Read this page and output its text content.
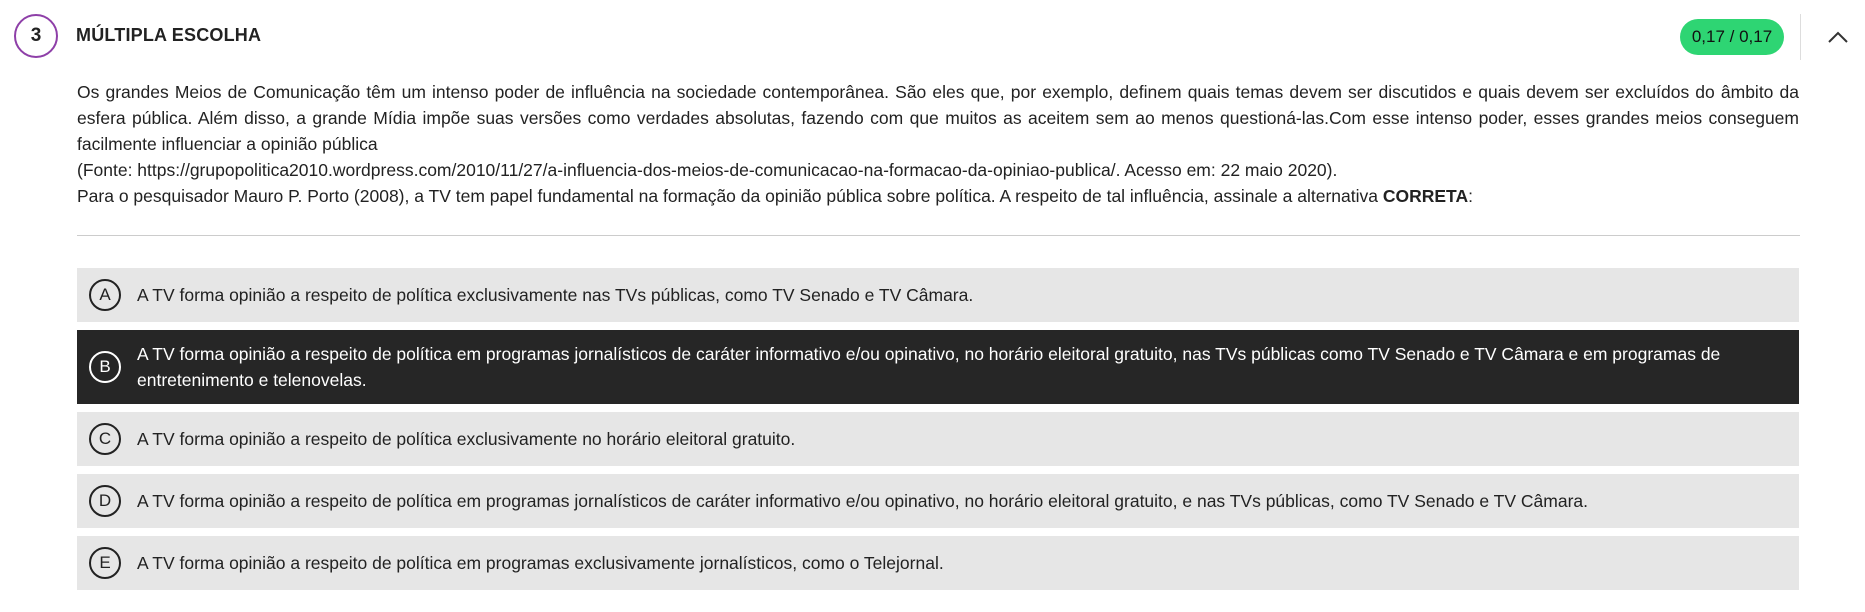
3 MÚLTIPLA ESCOLHA	0,17 / 0,17

Os grandes Meios de Comunicação têm um intenso poder de influência na sociedade contemporânea. São eles que, por exemplo, definem quais temas devem ser discutidos e quais devem ser excluídos do âmbito da esfera pública. Além disso, a grande Mídia impõe suas versões como verdades absolutas, fazendo com que muitos as aceitem sem ao menos questioná-las.Com esse intenso poder, esses grandes meios conseguem facilmente influenciar a opinião pública

(Fonte: https://grupopolitica2010.wordpress.com/2010/11/27/a-influencia-dos-meios-de-comunicacao-na-formacao-da-opiniao-publica/. Acesso em: 22 maio 2020).

Para o pesquisador Mauro P. Porto (2008), a TV tem papel fundamental na formação da opinião pública sobre política. A respeito de tal influência, assinale a alternativa CORRETA:

A A TV forma opinião a respeito de política exclusivamente nas TVs públicas, como TV Senado e TV Câmara.
B
A TV forma opinião a respeito de política em programas jornalísticos de caráter informativo e/ou opinativo, no horário eleitoral gratuito, nas TVs públicas como TV Senado e TV Câmara e em programas de entretenimento e telenovelas.
C A TV forma opinião a respeito de política exclusivamente no horário eleitoral gratuito.
D A TV forma opinião a respeito de política em programas jornalísticos de caráter informativo e/ou opinativo, no horário eleitoral gratuito, e nas TVs públicas, como TV Senado e TV Câmara.
E A TV forma opinião a respeito de política em programas exclusivamente jornalísticos, como o Telejornal.
